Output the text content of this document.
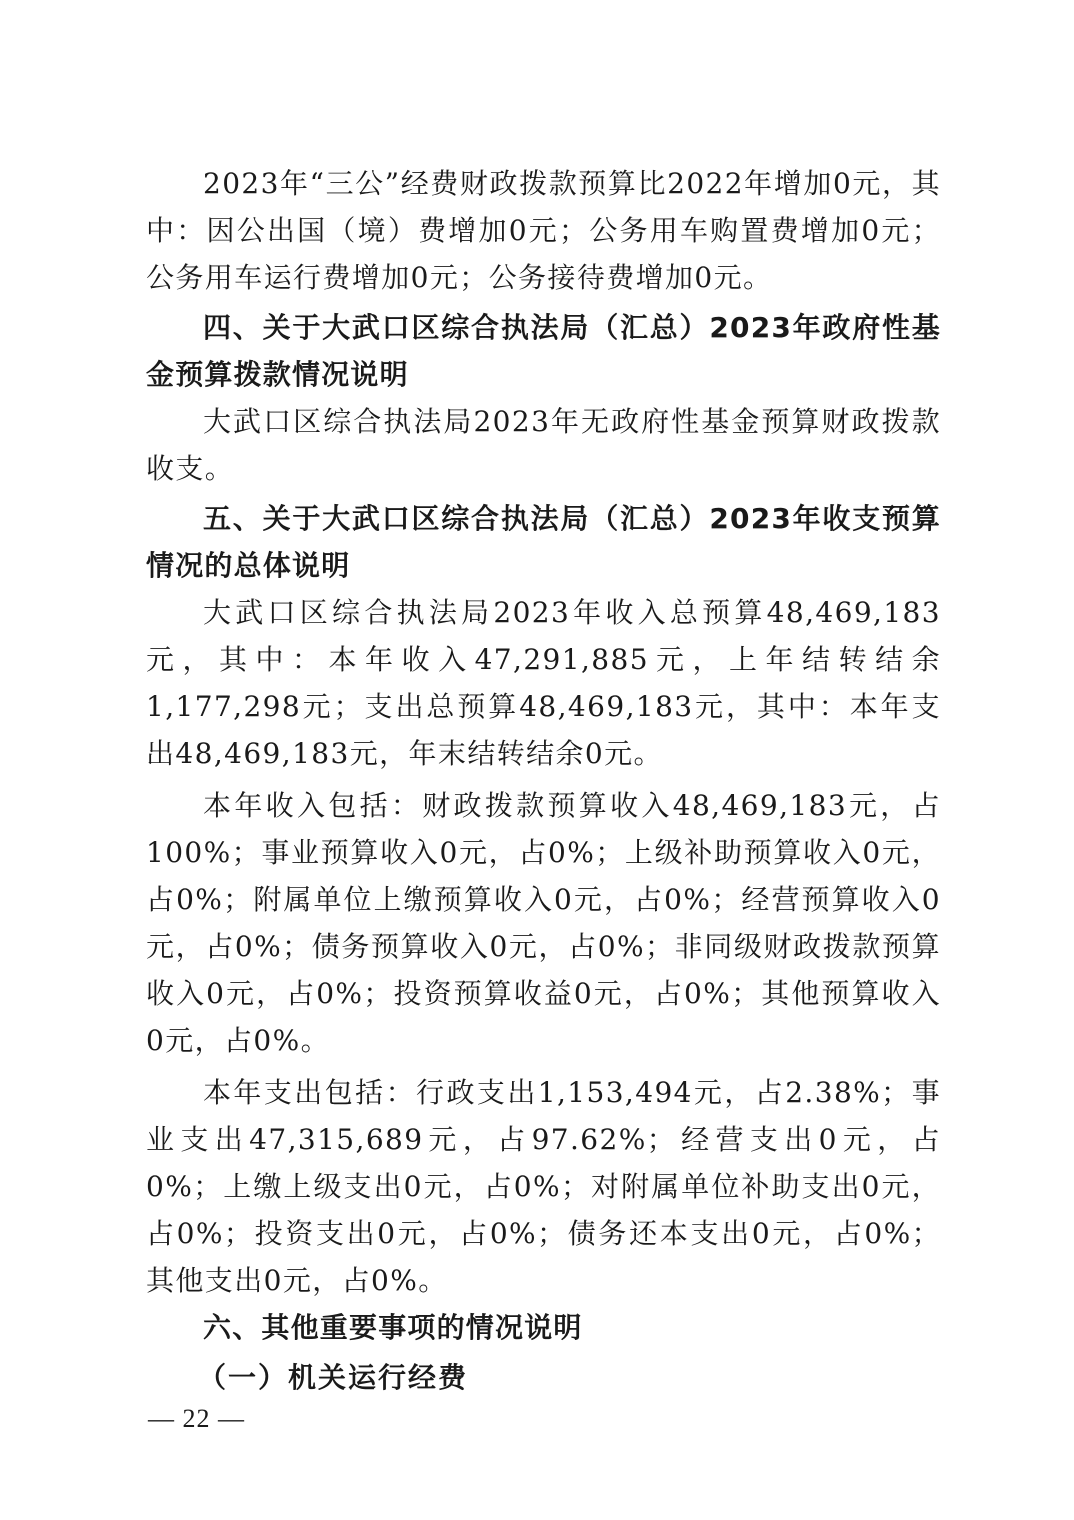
2023年“三公”经费财政拨款预算比2022年增加0元，其中：因公出国（境）费增加0元；公务用车购置费增加0元；公务用车运行费增加0元；公务接待费增加0元。

四、关于大武口区综合执法局（汇总）2023年政府性基金预算拨款情况说明

大武口区综合执法局2023年无政府性基金预算财政拨款收支。

五、关于大武口区综合执法局（汇总）2023年收支预算情况的总体说明

大武口区综合执法局2023年收入总预算48,469,183元，其中：本年收入47,291,885元，上年结转结余1,177,298元；支出总预算48,469,183元，其中：本年支出48,469,183元，年末结转结余0元。

本年收入包括：财政拨款预算收入48,469,183元，占100%；事业预算收入0元，占0%；上级补助预算收入0元，占0%；附属单位上缴预算收入0元，占0%；经营预算收入0元，占0%；债务预算收入0元，占0%；非同级财政拨款预算收入0元，占0%；投资预算收益0元，占0%；其他预算收入0元，占0%。

本年支出包括：行政支出1,153,494元，占2.38%；事业支出47,315,689元，占97.62%；经营支出0元，占0%；上缴上级支出0元，占0%；对附属单位补助支出0元，占0%；投资支出0元，占0%；债务还本支出0元，占0%；其他支出0元，占0%。

六、其他重要事项的情况说明

（一）机关运行经费

— 22 —
